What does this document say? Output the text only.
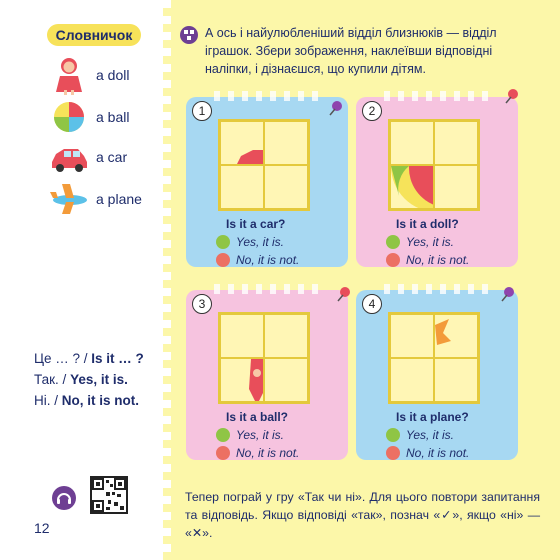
Словничок
a doll
a ball
a car
a plane
Це … ? / Is it … ?
Так. / Yes, it is.
Ні. / No, it is not.
12
А ось і найулюбленіший відділ близнюків — відділ іграшок. Збери зображення, наклеївши відповідні наліпки, і дізнаєшся, що купили дітям.
1
Is it a car?
Yes, it is.
No, it is not.
2
Is it a doll?
Yes, it is.
No, it is not.
3
Is it a ball?
Yes, it is.
No, it is not.
4
Is it a plane?
Yes, it is.
No, it is not.
Тепер пограй у гру «Так чи ні». Для цього повтори запитання та відповідь. Якщо відповіді «так», познач «✓», якщо «ні» — «✕».
